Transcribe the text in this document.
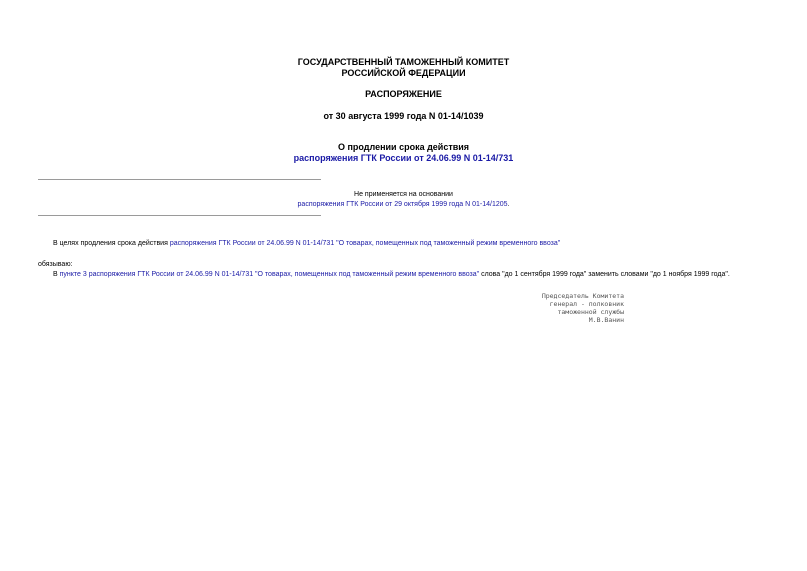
ГОСУДАРСТВЕННЫЙ ТАМОЖЕННЫЙ КОМИТЕТ
РОССИЙСКОЙ ФЕДЕРАЦИИ
РАСПОРЯЖЕНИЕ
от 30 августа 1999 года N 01-14/1039
О продлении срока действия
распоряжения ГТК России от 24.06.99 N 01-14/731
Не применяется на основании
распоряжения ГТК России от 29 октября 1999 года N 01-14/1205.
В целях продления срока действия распоряжения ГТК России от 24.06.99 N 01-14/731 "О товарах, помещенных под таможенный режим временного ввоза"
обязываю:
В пункте 3 распоряжения ГТК России от 24.06.99 N 01-14/731 "О товарах, помещенных под таможенный режим временного ввоза" слова "до 1 сентября 1999 года" заменить словами "до 1 ноября 1999 года".
Председатель Комитета
генерал - полковник
таможенной службы
М.В.Ванин
